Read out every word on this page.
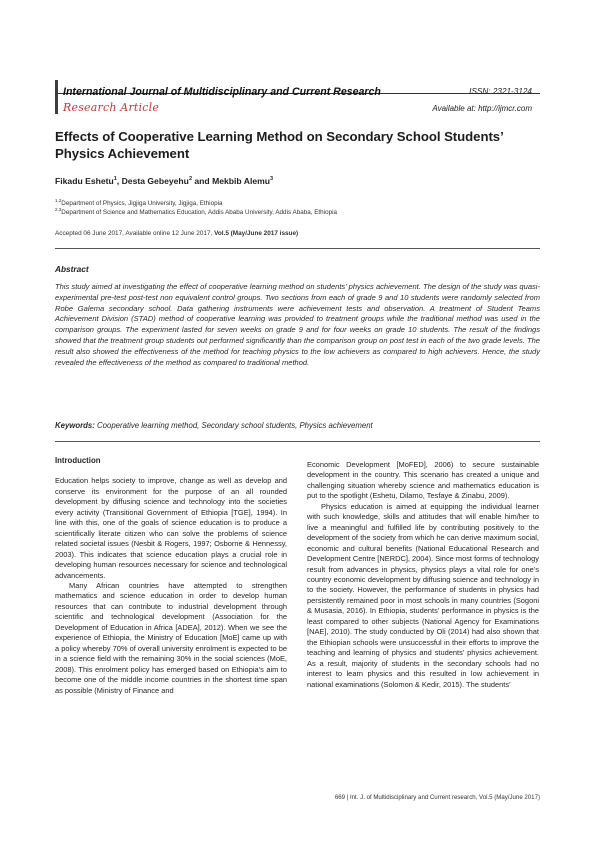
International Journal of Multidisciplinary and Current Research	ISSN: 2321-3124
Research Article	Available at: http://ijmcr.com
Effects of Cooperative Learning Method on Secondary School Students’ Physics Achievement
Fikadu Eshetu$^1$, Desta Gebeyehu$^2$ and Mekbib Alemu$^3$
$^{1,2}$Department of Physics, Jigjiga University, Jigjiga, Ethiopia
$^{2,3}$Department of Science and Mathematics Education, Addis Ababa University, Addis Ababa, Ethiopia
Accepted 06 June 2017, Available online 12 June 2017, Vol.5 (May/June 2017 issue)
Abstract
This study aimed at investigating the effect of cooperative learning method on students’ physics achievement. The design of the study was quasi-experimental pre-test post-test non equivalent control groups. Two sections from each of grade 9 and 10 students were randomly selected from Robe Galema secondary school. Data gathering instruments were achievement tests and observation. A treatment of Student Teams Achievement Division (STAD) method of cooperative learning was provided to treatment groups while the traditional method was used in the comparison groups. The experiment lasted for seven weeks on grade 9 and for four weeks on grade 10 students. The result of the findings showed that the treatment group students out performed significantly than the comparison group on post test in each of the two grade levels. The result also showed the effectiveness of the method for teaching physics to the low achievers as compared to high achievers. Hence, the study revealed the effectiveness of the method as compared to traditional method.
Keywords: Cooperative learning method, Secondary school students, Physics achievement
Introduction

Education helps society to improve, change as well as develop and conserve its environment for the purpose of an all rounded development by diffusing science and technology into the societies every activity (Transitional Government of Ethiopia [TGE], 1994). In line with this, one of the goals of science education is to produce a scientifically literate citizen who can solve the problems of science related societal issues (Nesbit & Rogers, 1997; Osborne & Hennessy, 2003). This indicates that science education plays a crucial role in developing human resources necessary for science and technological advancements.

Many African countries have attempted to strengthen mathematics and science education in order to develop human resources that can contribute to industrial development through scientific and technological development (Association for the Development of Education in Africa [ADEA], 2012). When we see the experience of Ethiopia, the Ministry of Education [MoE] came up with a policy whereby 70% of overall university enrolment is expected to be in a science field with the remaining 30% in the social sciences (MoE, 2008). This enrolment policy has emerged based on Ethiopia’s aim to become one of the middle income countries in the shortest time span as possible (Ministry of Finance and

Economic Development [MoFED], 2006) to secure sustainable development in the country. This scenario has created a unique and challenging situation whereby science and mathematics education is put to the spotlight (Eshetu, Dilamo, Tesfaye & Zinabu, 2009).

Physics education is aimed at equipping the individual learner with such knowledge, skills and attitudes that will enable him/her to live a meaningful and fulfilled life by contributing positively to the development of the society from which he can derive maximum social, economic and cultural benefits (National Educational Research and Development Centre [NERDC], 2004). Since most forms of technology result from advances in physics, physics plays a vital role for one’s country economic development by diffusing science and technology in to the society. However, the performance of students in physics had persistently remained poor in most schools in many countries (Sogoni & Musasia, 2016). In Ethiopia, students’ performance in physics is the least compared to other subjects (National Agency for Examinations [NAE], 2010). The study conducted by Oli (2014) had also shown that the Ethiopian schools were unsuccessful in their efforts to improve the teaching and learning of physics and students’ physics achievement. As a result, majority of students in the secondary schools had no interest to learn physics and this resulted in low achievement in national examinations (Solomon & Kedir, 2015). The students’

669 | Int. J. of Multidisciplinary and Current research, Vol.5 (May/June 2017)
